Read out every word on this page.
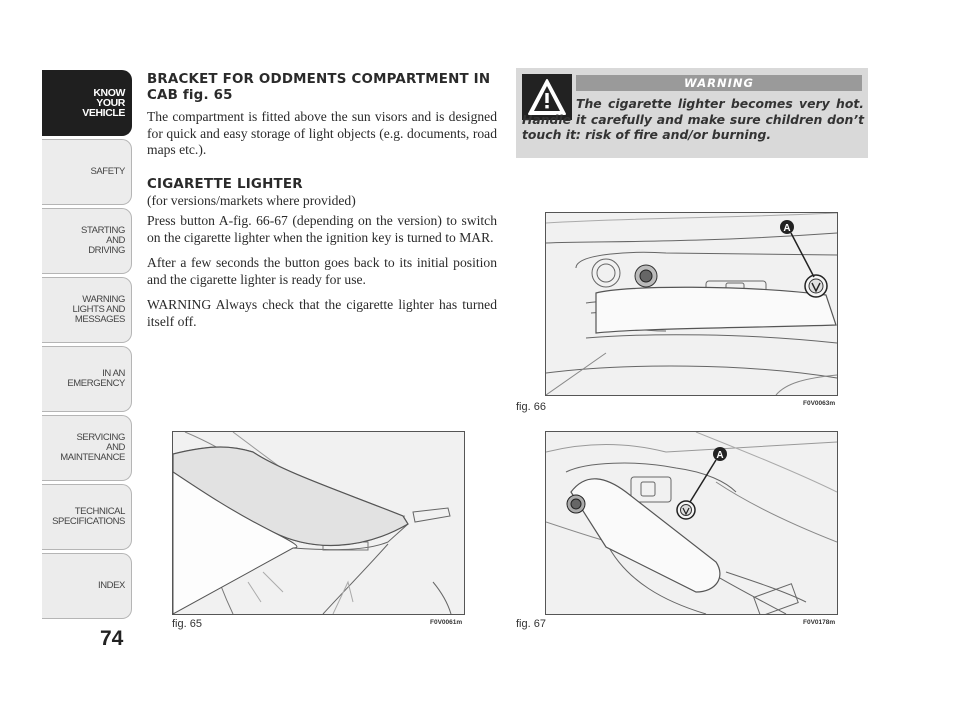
KNOW
YOUR
VEHICLE
SAFETY
STARTING
AND
DRIVING
WARNING
LIGHTS AND
MESSAGES
IN AN
EMERGENCY
SERVICING
AND
MAINTENANCE
TECHNICAL
SPECIFICATIONS
INDEX
74
BRACKET FOR ODDMENTS COMPARTMENT IN CAB fig. 65

The compartment is fitted above the sun visors and is designed for quick and easy storage of light objects (e.g. documents, road maps etc.).

CIGARETTE LIGHTER
(for versions/markets where provided)

Press button A-fig. 66-67 (depending on the version) to switch on the cigarette lighter when the ignition key is turned to MAR.

After a few seconds the button goes back to its initial position and the cigarette lighter is ready for use.

WARNING Always check that the cigarette lighter has turned itself off.

WARNING
The cigarette lighter becomes very hot. Handle it carefully and make sure children don’t touch it: risk of fire and/or burning.
fig. 65	F0V0061m
A
fig. 66	F0V0063m
A
fig. 67	F0V0178m
